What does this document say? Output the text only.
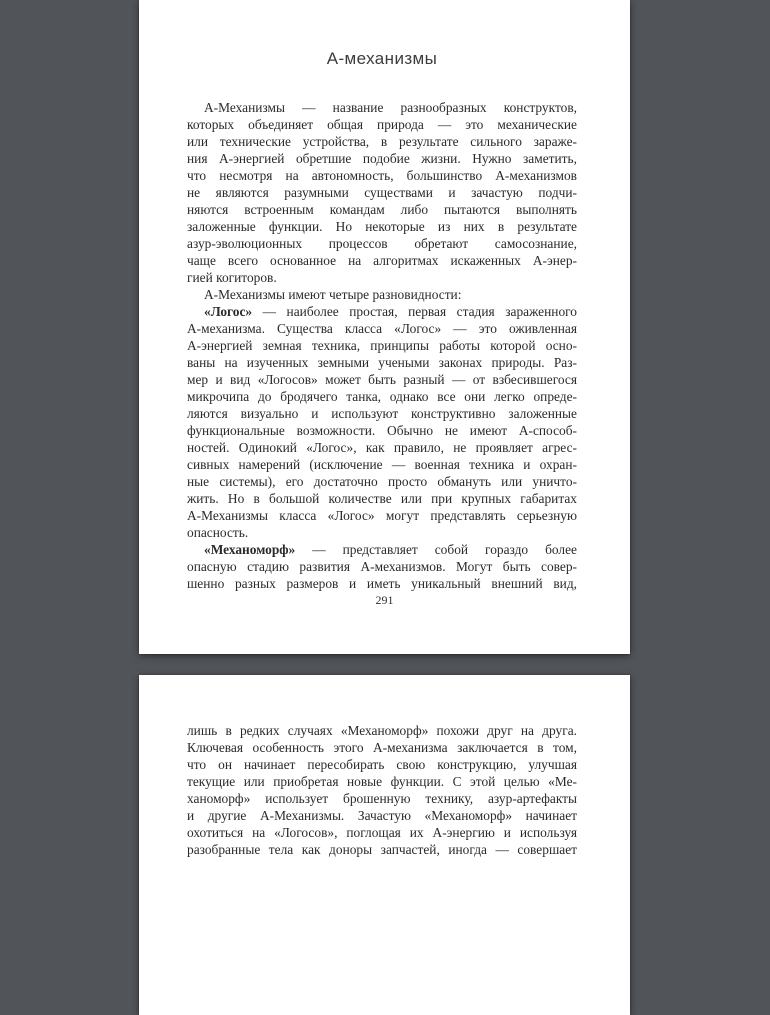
А-механизмы
А-Механизмы — название разнообразных конструктов,
которых объединяет общая природа — это механические
или технические устройства, в результате сильного зараже-
ния А-энергией обретшие подобие жизни. Нужно заметить,
что несмотря на автономность, большинство А-механизмов
не являются разумными существами и зачастую подчи-
няются встроенным командам либо пытаются выполнять
заложенные функции. Но некоторые из них в результате
азур-эволюционных процессов обретают самосознание,
чаще всего основанное на алгоритмах искаженных А-энер-
гией когиторов.
А-Механизмы имеют четыре разновидности:
«Логос» — наиболее простая, первая стадия зараженного
А-механизма. Существа класса «Логос» — это оживленная
А-энергией земная техника, принципы работы которой осно-
ваны на изученных земными учеными законах природы. Раз-
мер и вид «Логосов» может быть разный — от взбесившегося
микрочипа до бродячего танка, однако все они легко опреде-
ляются визуально и используют конструктивно заложенные
функциональные возможности. Обычно не имеют А-способ-
ностей. Одинокий «Логос», как правило, не проявляет агрес-
сивных намерений (исключение — военная техника и охран-
ные системы), его достаточно просто обмануть или уничто-
жить. Но в большой количестве или при крупных габаритах
А-Механизмы класса «Логос» могут представлять серьезную
опасность.
«Механоморф» — представляет собой гораздо более
опасную стадию развития А-механизмов. Могут быть совер-
шенно разных размеров и иметь уникальный внешний вид,
291
лишь в редких случаях «Механоморф» похожи друг на друга.
Ключевая особенность этого А-механизма заключается в том,
что он начинает пересобирать свою конструкцию, улучшая
текущие или приобретая новые функции. С этой целью «Ме-
ханоморф» использует брошенную технику, азур-артефакты
и другие А-Механизмы. Зачастую «Механоморф» начинает
охотиться на «Логосов», поглощая их А-энергию и используя
разобранные тела как доноры запчастей, иногда — совершает
